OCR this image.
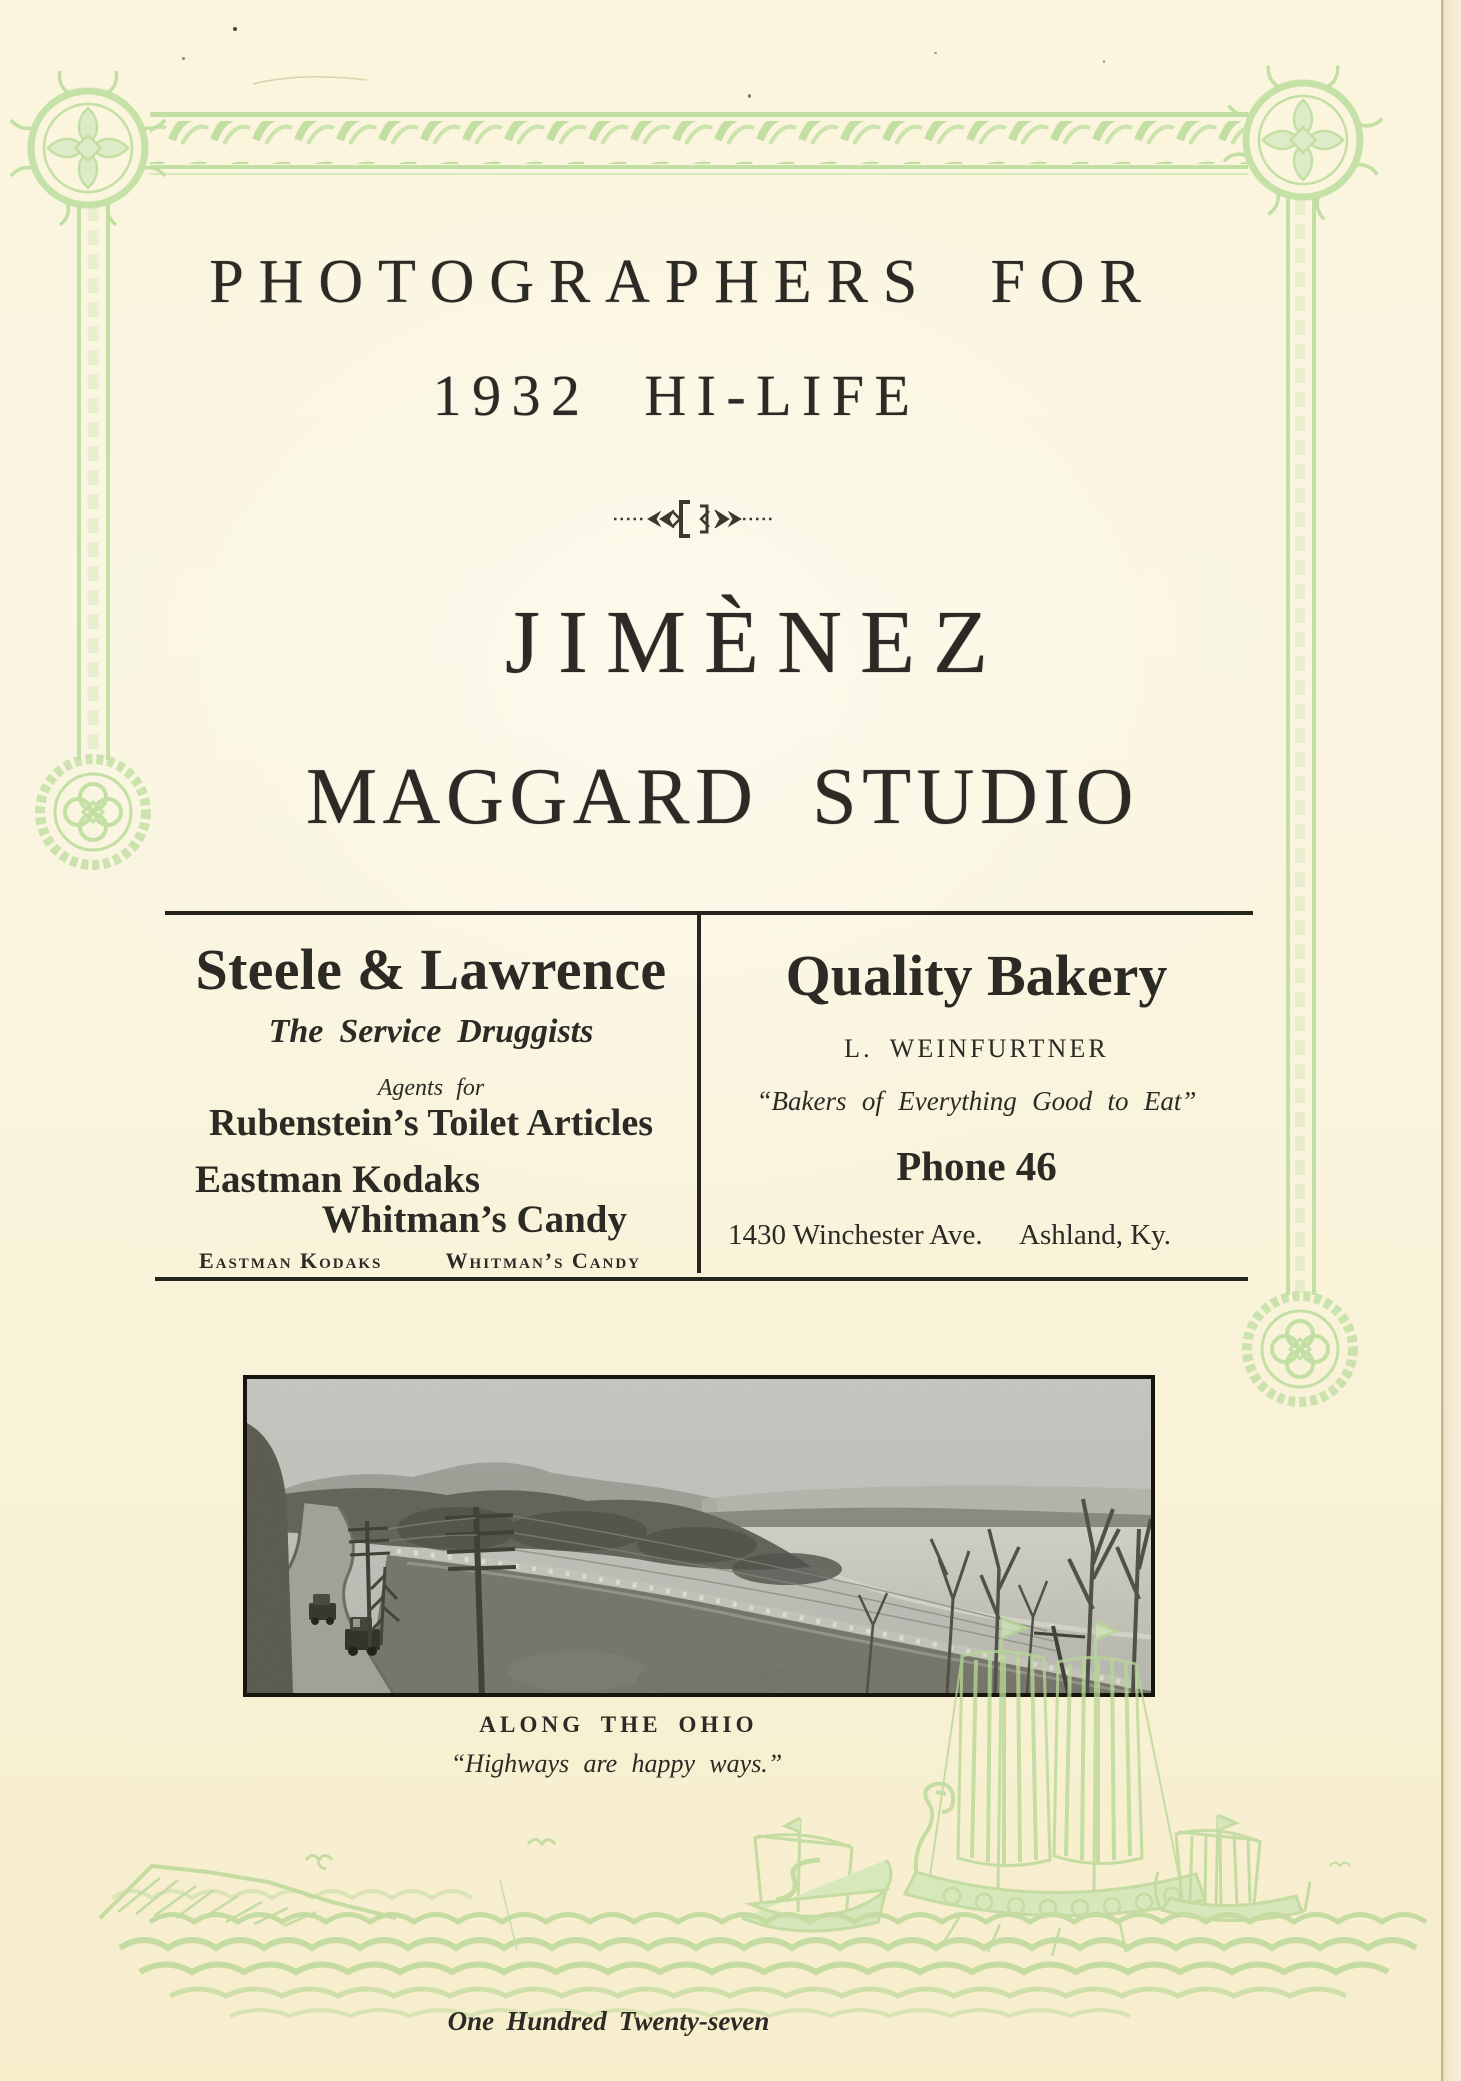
PHOTOGRAPHERS FOR
1932 HI-LIFE
JIMÈNEZ
MAGGARD STUDIO
Steele & Lawrence
The Service Druggists
Agents for
Rubenstein’s Toilet Articles
Eastman Kodaks
Whitman’s Candy
Eastman Kodaks	Whitman’s Candy
Quality Bakery
L. WEINFURTNER
“Bakers of Everything Good to Eat”
Phone 46
1430 Winchester Ave. Ashland, Ky.
ALONG THE OHIO
“Highways are happy ways.”
One Hundred Twenty-seven
